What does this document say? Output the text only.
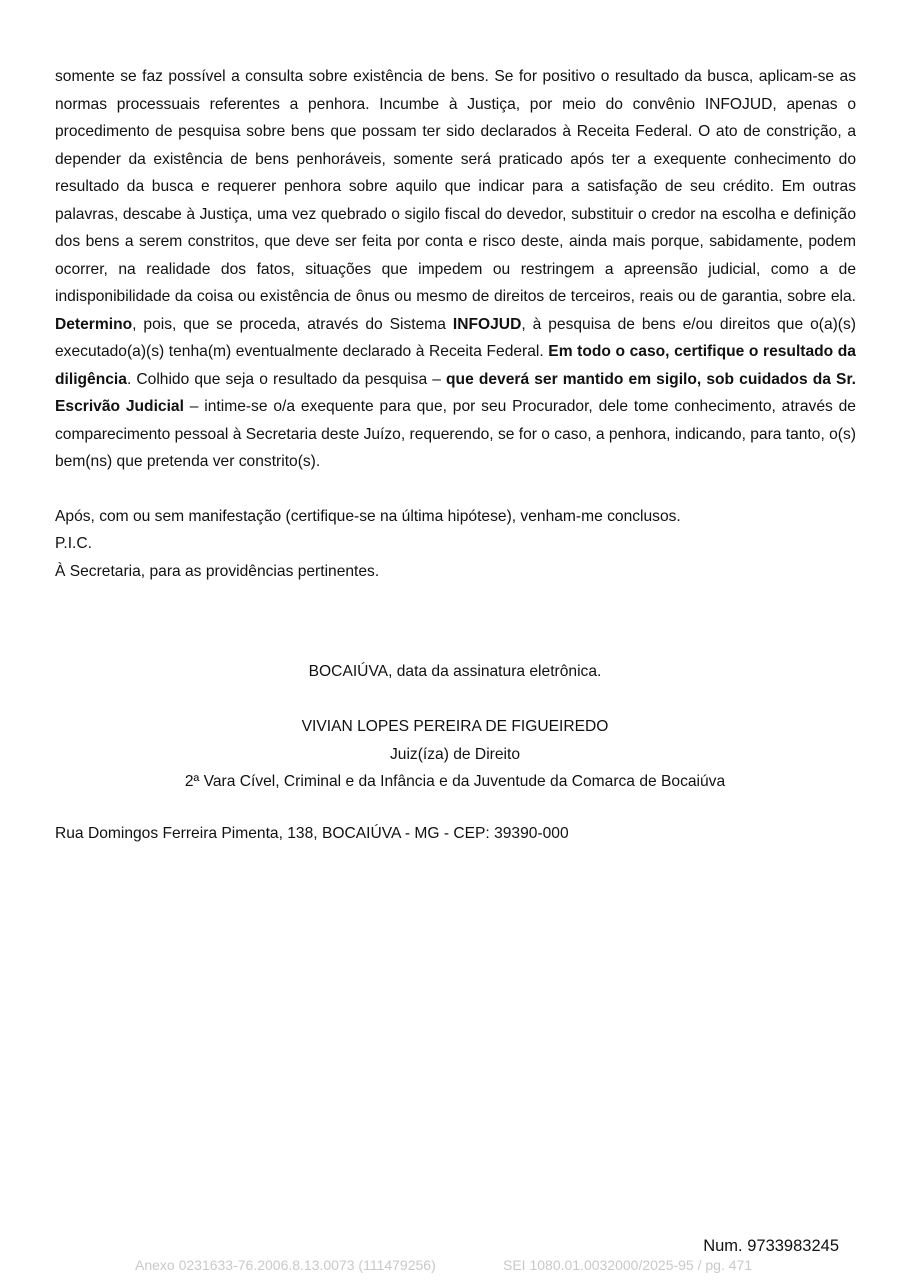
somente se faz possível a consulta sobre existência de bens. Se for positivo o resultado da busca, aplicam-se as normas processuais referentes a penhora. Incumbe à Justiça, por meio do convênio INFOJUD, apenas o procedimento de pesquisa sobre bens que possam ter sido declarados à Receita Federal. O ato de constrição, a depender da existência de bens penhoráveis, somente será praticado após ter a exequente conhecimento do resultado da busca e requerer penhora sobre aquilo que indicar para a satisfação de seu crédito. Em outras palavras, descabe à Justiça, uma vez quebrado o sigilo fiscal do devedor, substituir o credor na escolha e definição dos bens a serem constritos, que deve ser feita por conta e risco deste, ainda mais porque, sabidamente, podem ocorrer, na realidade dos fatos, situações que impedem ou restringem a apreensão judicial, como a de indisponibilidade da coisa ou existência de ônus ou mesmo de direitos de terceiros, reais ou de garantia, sobre ela. Determino, pois, que se proceda, através do Sistema INFOJUD, à pesquisa de bens e/ou direitos que o(a)(s) executado(a)(s) tenha(m) eventualmente declarado à Receita Federal. Em todo o caso, certifique o resultado da diligência. Colhido que seja o resultado da pesquisa – que deverá ser mantido em sigilo, sob cuidados da Sr. Escrivão Judicial – intime-se o/a exequente para que, por seu Procurador, dele tome conhecimento, através de comparecimento pessoal à Secretaria deste Juízo, requerendo, se for o caso, a penhora, indicando, para tanto, o(s) bem(ns) que pretenda ver constrito(s).

Após, com ou sem manifestação (certifique-se na última hipótese), venham-me conclusos.

P.I.C.

À Secretaria, para as providências pertinentes.

BOCAIÚVA, data da assinatura eletrônica.

VIVIAN LOPES PEREIRA DE FIGUEIREDO

Juiz(íza) de Direito

2ª Vara Cível, Criminal e da Infância e da Juventude da Comarca de Bocaiúva

Rua Domingos Ferreira Pimenta, 138, BOCAIÚVA - MG - CEP: 39390-000

Num. 9733983245
Anexo 0231633-76.2006.8.13.0073 (111479256)	SEI 1080.01.0032000/2025-95 / pg. 471
